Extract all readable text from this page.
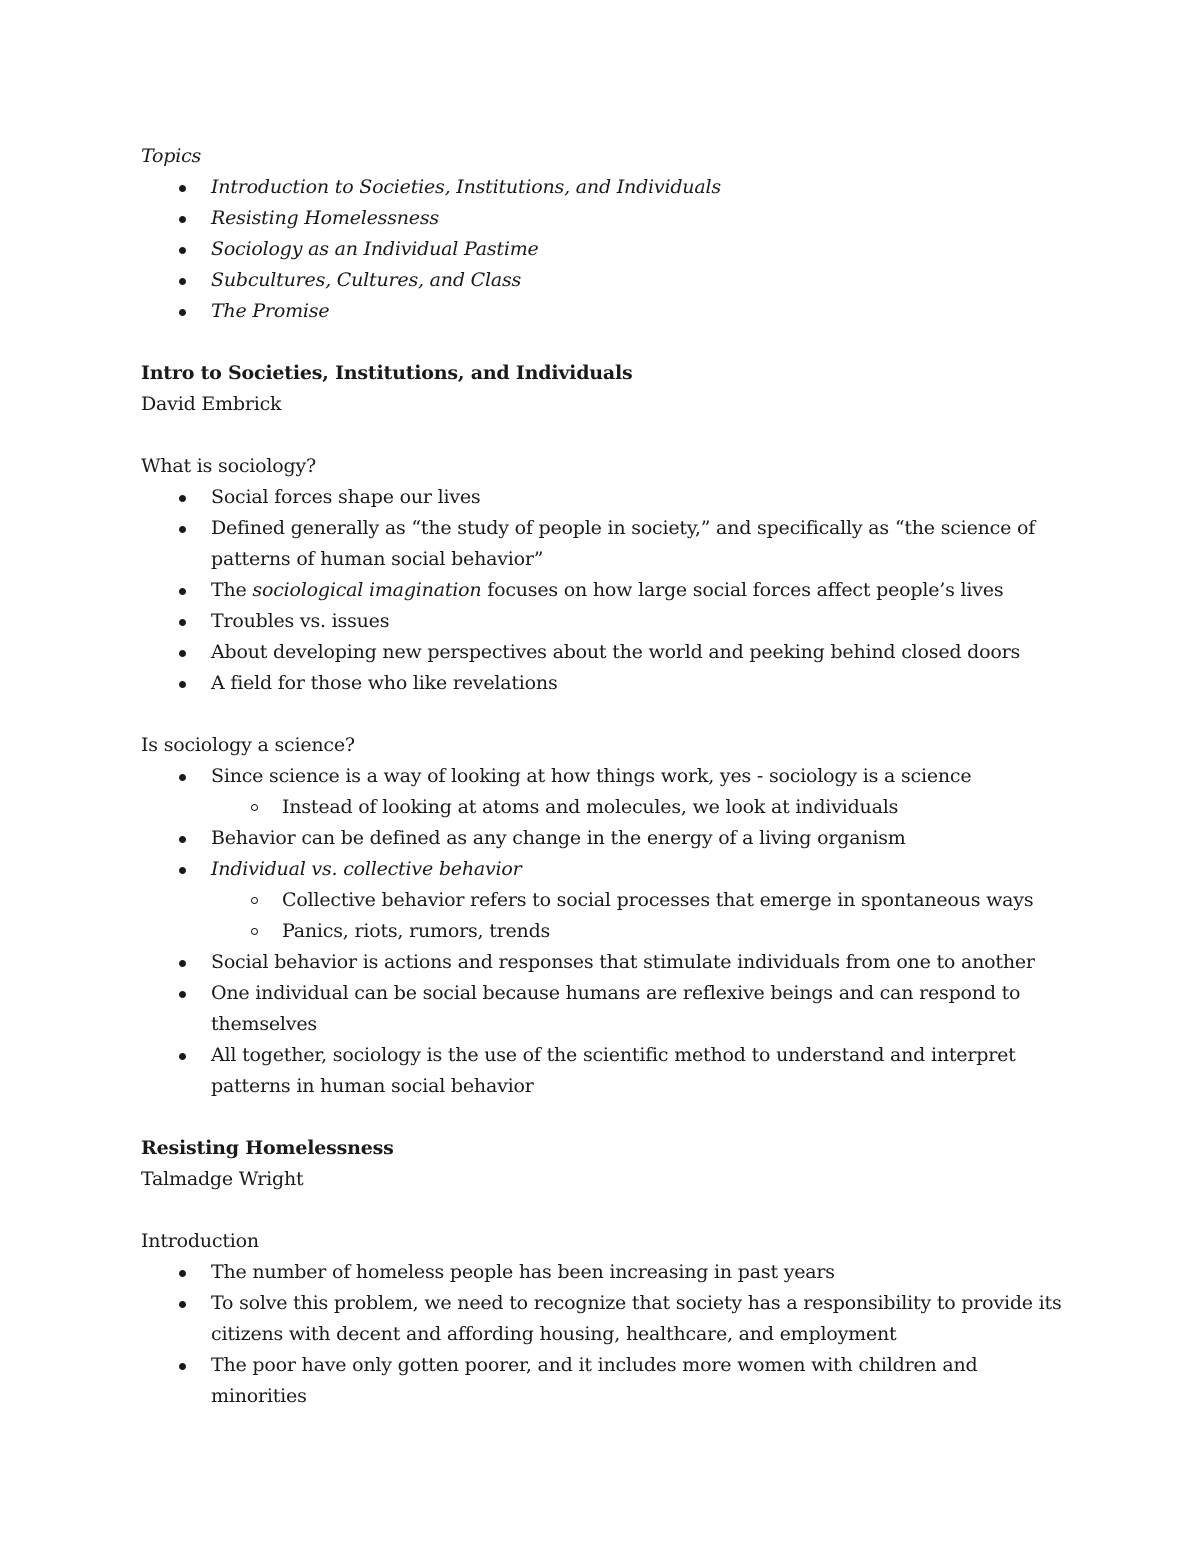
Topics
Introduction to Societies, Institutions, and Individuals
Resisting Homelessness
Sociology as an Individual Pastime
Subcultures, Cultures, and Class
The Promise
Intro to Societies, Institutions, and Individuals
David Embrick
What is sociology?
Social forces shape our lives
Defined generally as “the study of people in society,” and specifically as “the science of patterns of human social behavior”
The sociological imagination focuses on how large social forces affect people’s lives
Troubles vs. issues
About developing new perspectives about the world and peeking behind closed doors
A field for those who like revelations
Is sociology a science?
Since science is a way of looking at how things work, yes - sociology is a science
Instead of looking at atoms and molecules, we look at individuals
Behavior can be defined as any change in the energy of a living organism
Individual vs. collective behavior
Collective behavior refers to social processes that emerge in spontaneous ways
Panics, riots, rumors, trends
Social behavior is actions and responses that stimulate individuals from one to another
One individual can be social because humans are reflexive beings and can respond to themselves
All together, sociology is the use of the scientific method to understand and interpret patterns in human social behavior
Resisting Homelessness
Talmadge Wright
Introduction
The number of homeless people has been increasing in past years
To solve this problem, we need to recognize that society has a responsibility to provide its citizens with decent and affording housing, healthcare, and employment
The poor have only gotten poorer, and it includes more women with children and minorities
